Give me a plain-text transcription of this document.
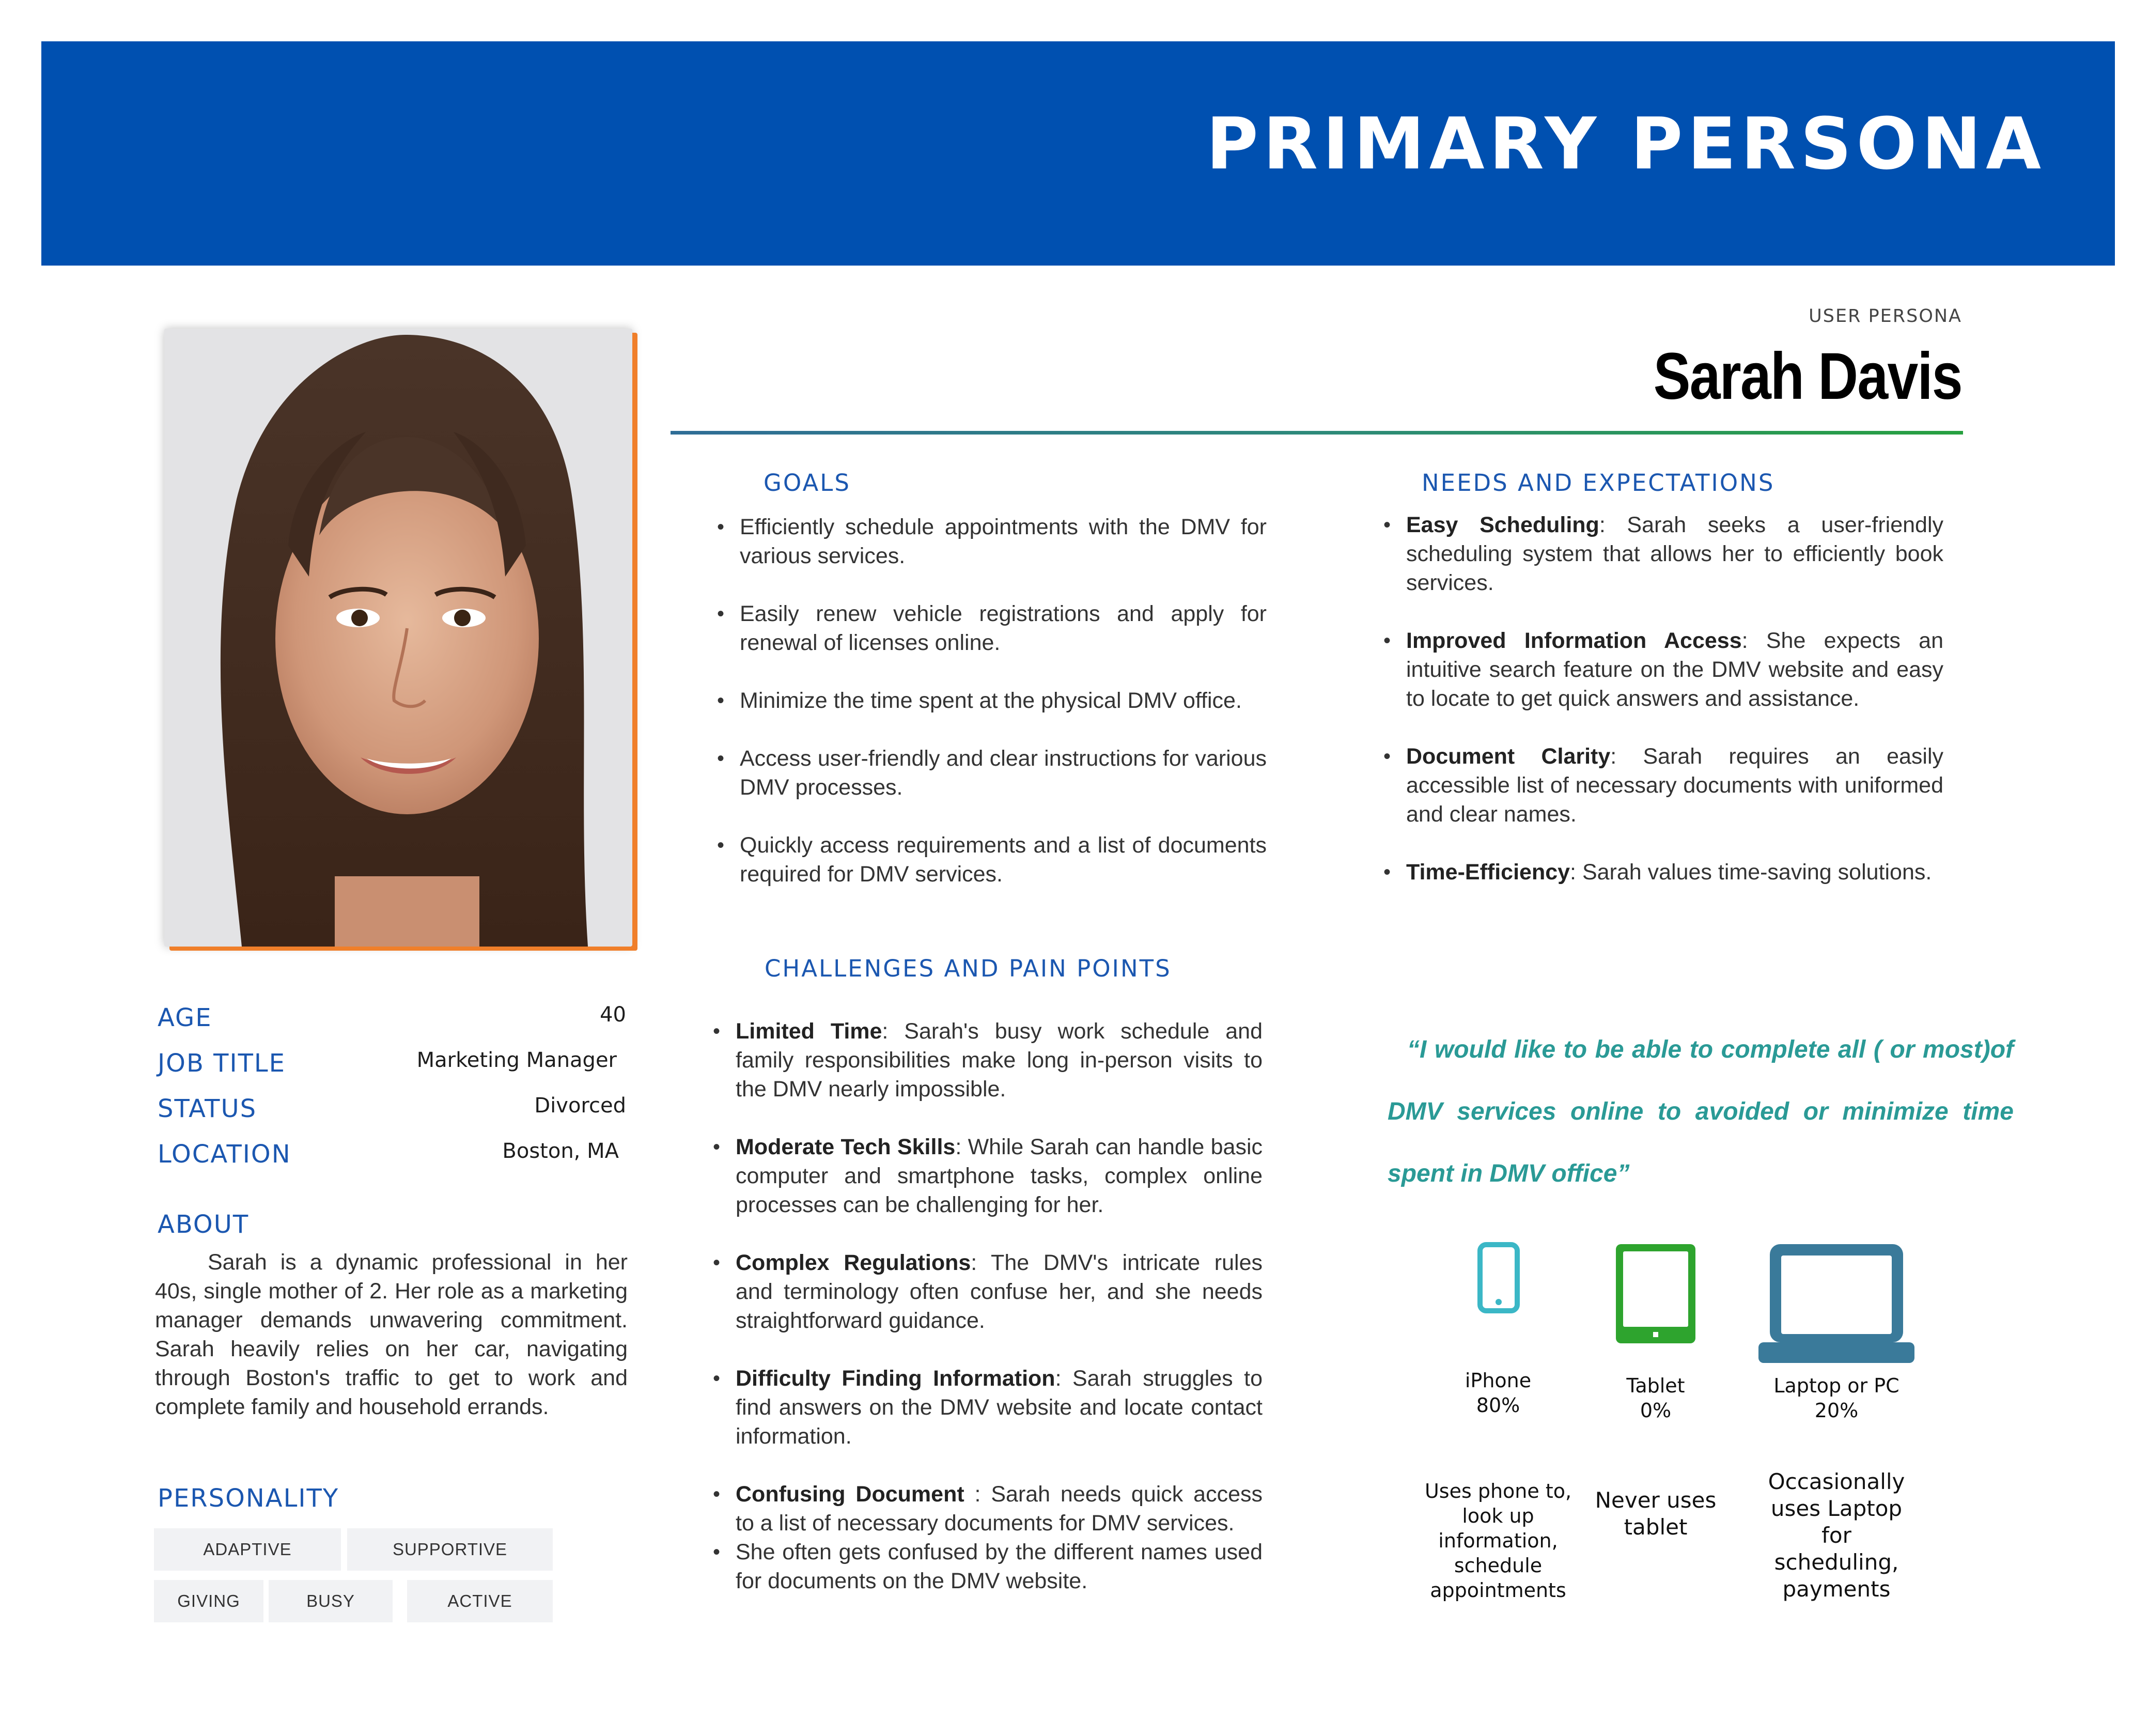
PRIMARY PERSONA
AGE	40
JOB TITLE	Marketing Manager
STATUS	Divorced
LOCATION	Boston, MA
ABOUT
Sarah is a dynamic professional in her 40s, single mother of 2. Her role as a marketing manager demands unwavering commitment. Sarah heavily relies on her car, navigating through Boston's traffic to get to work and complete family and household errands.
PERSONALITY
ADAPTIVE	SUPPORTIVE
GIVING	BUSY	ACTIVE
USER PERSONA
Sarah Davis
GOALS
• Efficiently schedule appointments with the DMV for various services.
• Easily renew vehicle registrations and apply for renewal of licenses online.
• Minimize the time spent at the physical DMV office.
• Access user-friendly and clear instructions for various DMV processes.
• Quickly access requirements and a list of documents required for DMV services.
CHALLENGES AND PAIN POINTS
• Limited Time: Sarah's busy work schedule and family responsibilities make long in-person visits to the DMV nearly impossible.
• Moderate Tech Skills: While Sarah can handle basic computer and smartphone tasks, complex online processes can be challenging for her.
• Complex Regulations: The DMV's intricate rules and terminology often confuse her, and she needs straightforward guidance.
• Difficulty Finding Information: Sarah struggles to find answers on the DMV website and locate contact information.
• Confusing Document : Sarah needs quick access to a list of necessary documents for DMV services.
• She often gets confused by the different names used for documents on the DMV website.
NEEDS AND EXPECTATIONS
• Easy Scheduling: Sarah seeks a user-friendly scheduling system that allows her to efficiently book services.
• Improved Information Access: She expects an intuitive search feature on the DMV website and easy to locate to get quick answers and assistance.
• Document Clarity: Sarah requires an easily accessible list of necessary documents with uniformed and clear names.
• Time-Efficiency: Sarah values time-saving solutions.
“I would like to be able to complete all ( or most)of DMV services online to avoided or minimize time spent in DMV office”
iPhone
80%
Tablet
0%
Laptop or PC
20%
Uses phone to, look up information, schedule appointments
Never uses tablet
Occasionally uses Laptop for scheduling, payments
